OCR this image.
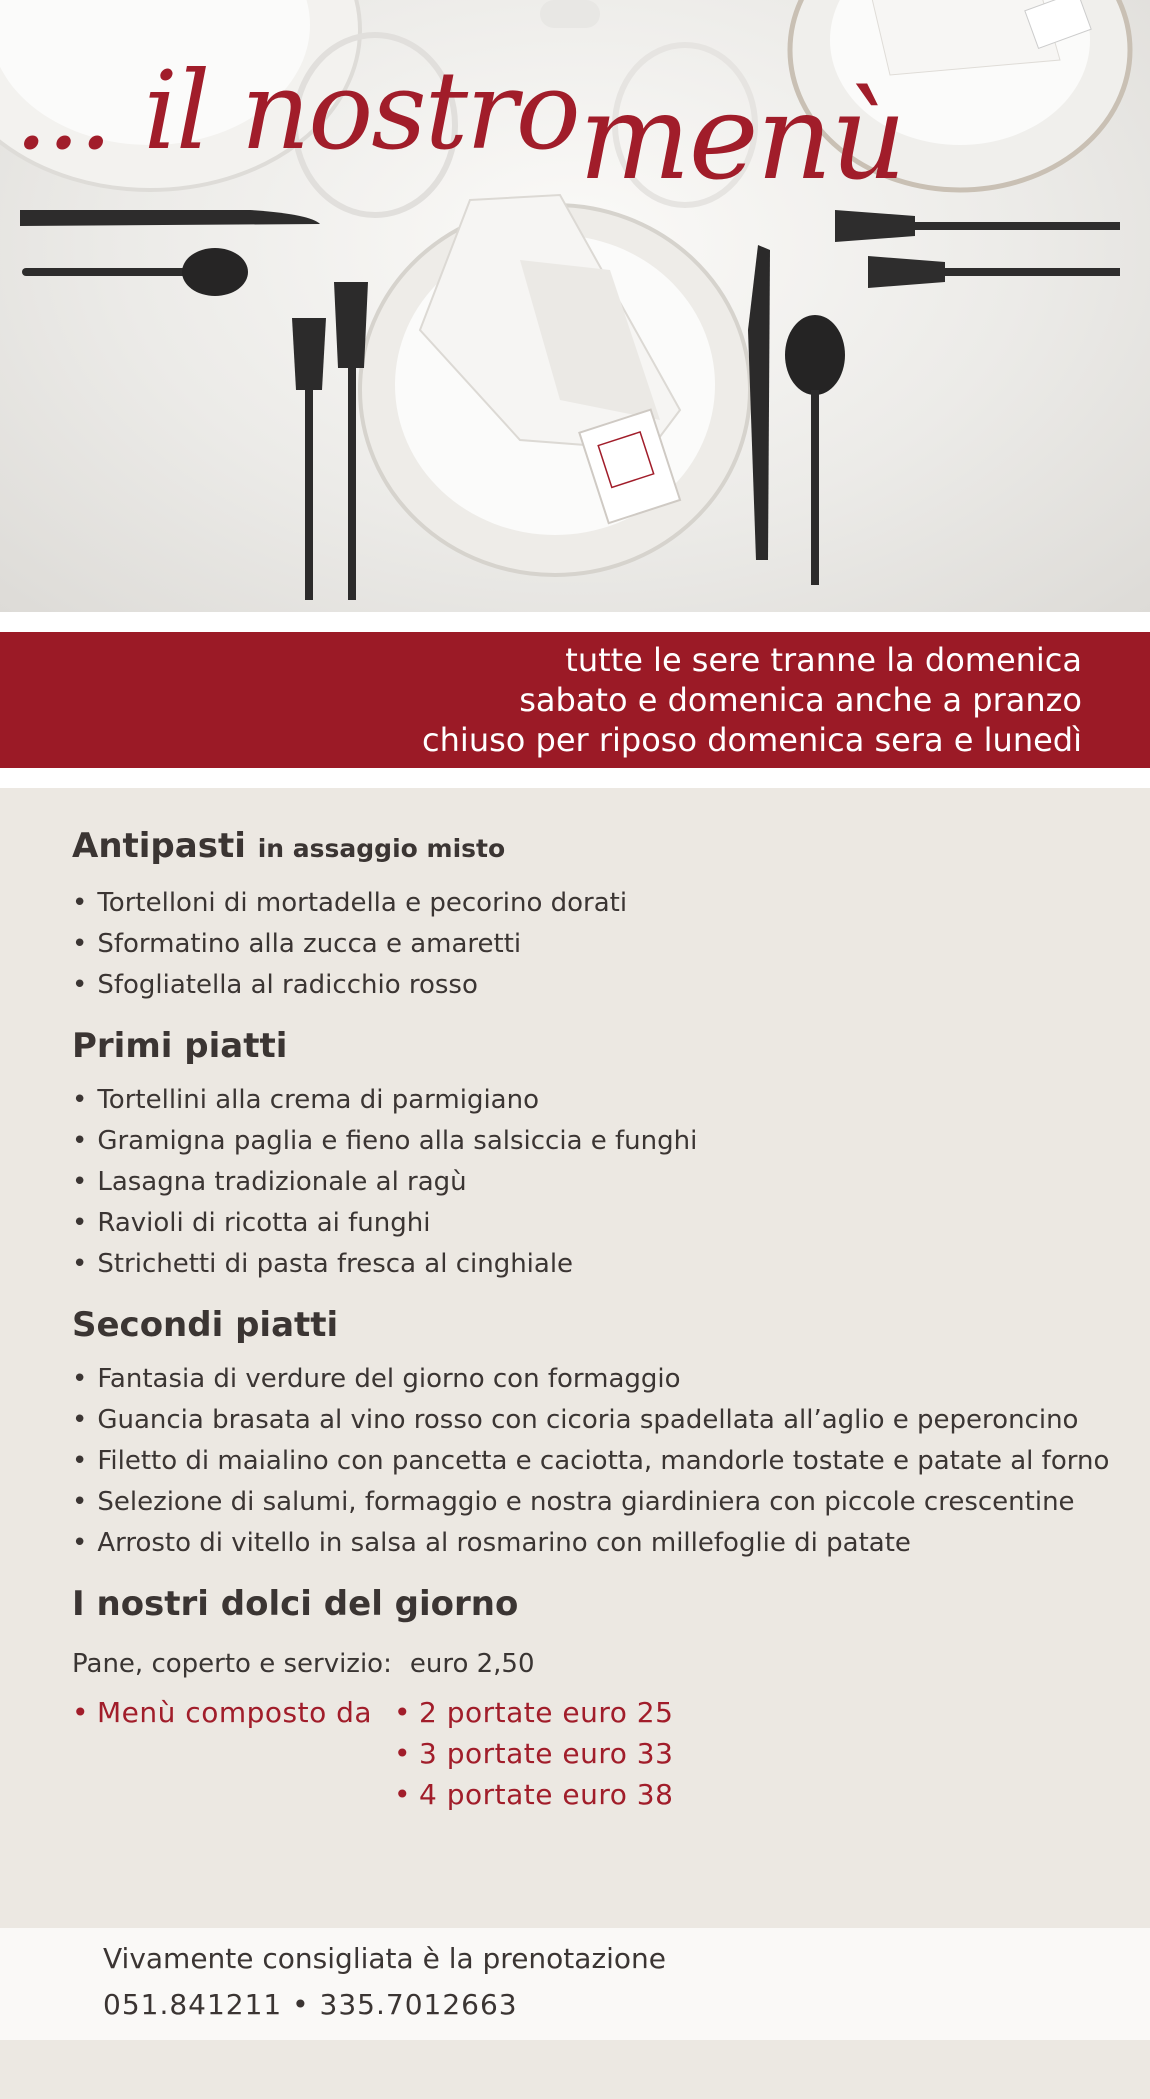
... il nostromenù
tutte le sere tranne la domenica
sabato e domenica anche a pranzo
chiuso per riposo domenica sera e lunedì
Antipasti in assaggio misto
• Tortelloni di mortadella e pecorino dorati
• Sformatino alla zucca e amaretti
• Sfogliatella al radicchio rosso
Primi piatti
• Tortellini alla crema di parmigiano
• Gramigna paglia e fieno alla salsiccia e funghi
• Lasagna tradizionale al ragù
• Ravioli di ricotta ai funghi
• Strichetti di pasta fresca al cinghiale
Secondi piatti
• Fantasia di verdure del giorno con formaggio
• Guancia brasata al vino rosso con cicoria spadellata all’aglio e peperoncino
• Filetto di maialino con pancetta e caciotta, mandorle tostate e patate al forno
• Selezione di salumi, formaggio e nostra giardiniera con piccole crescentine
• Arrosto di vitello in salsa al rosmarino con millefoglie di patate
I nostri dolci del giorno
Pane, coperto e servizio: euro 2,50
• Menù composto da • 2 portate euro 25
• 3 portate euro 33
• 4 portate euro 38
Vivamente consigliata è la prenotazione
051.841211 • 335.7012663
